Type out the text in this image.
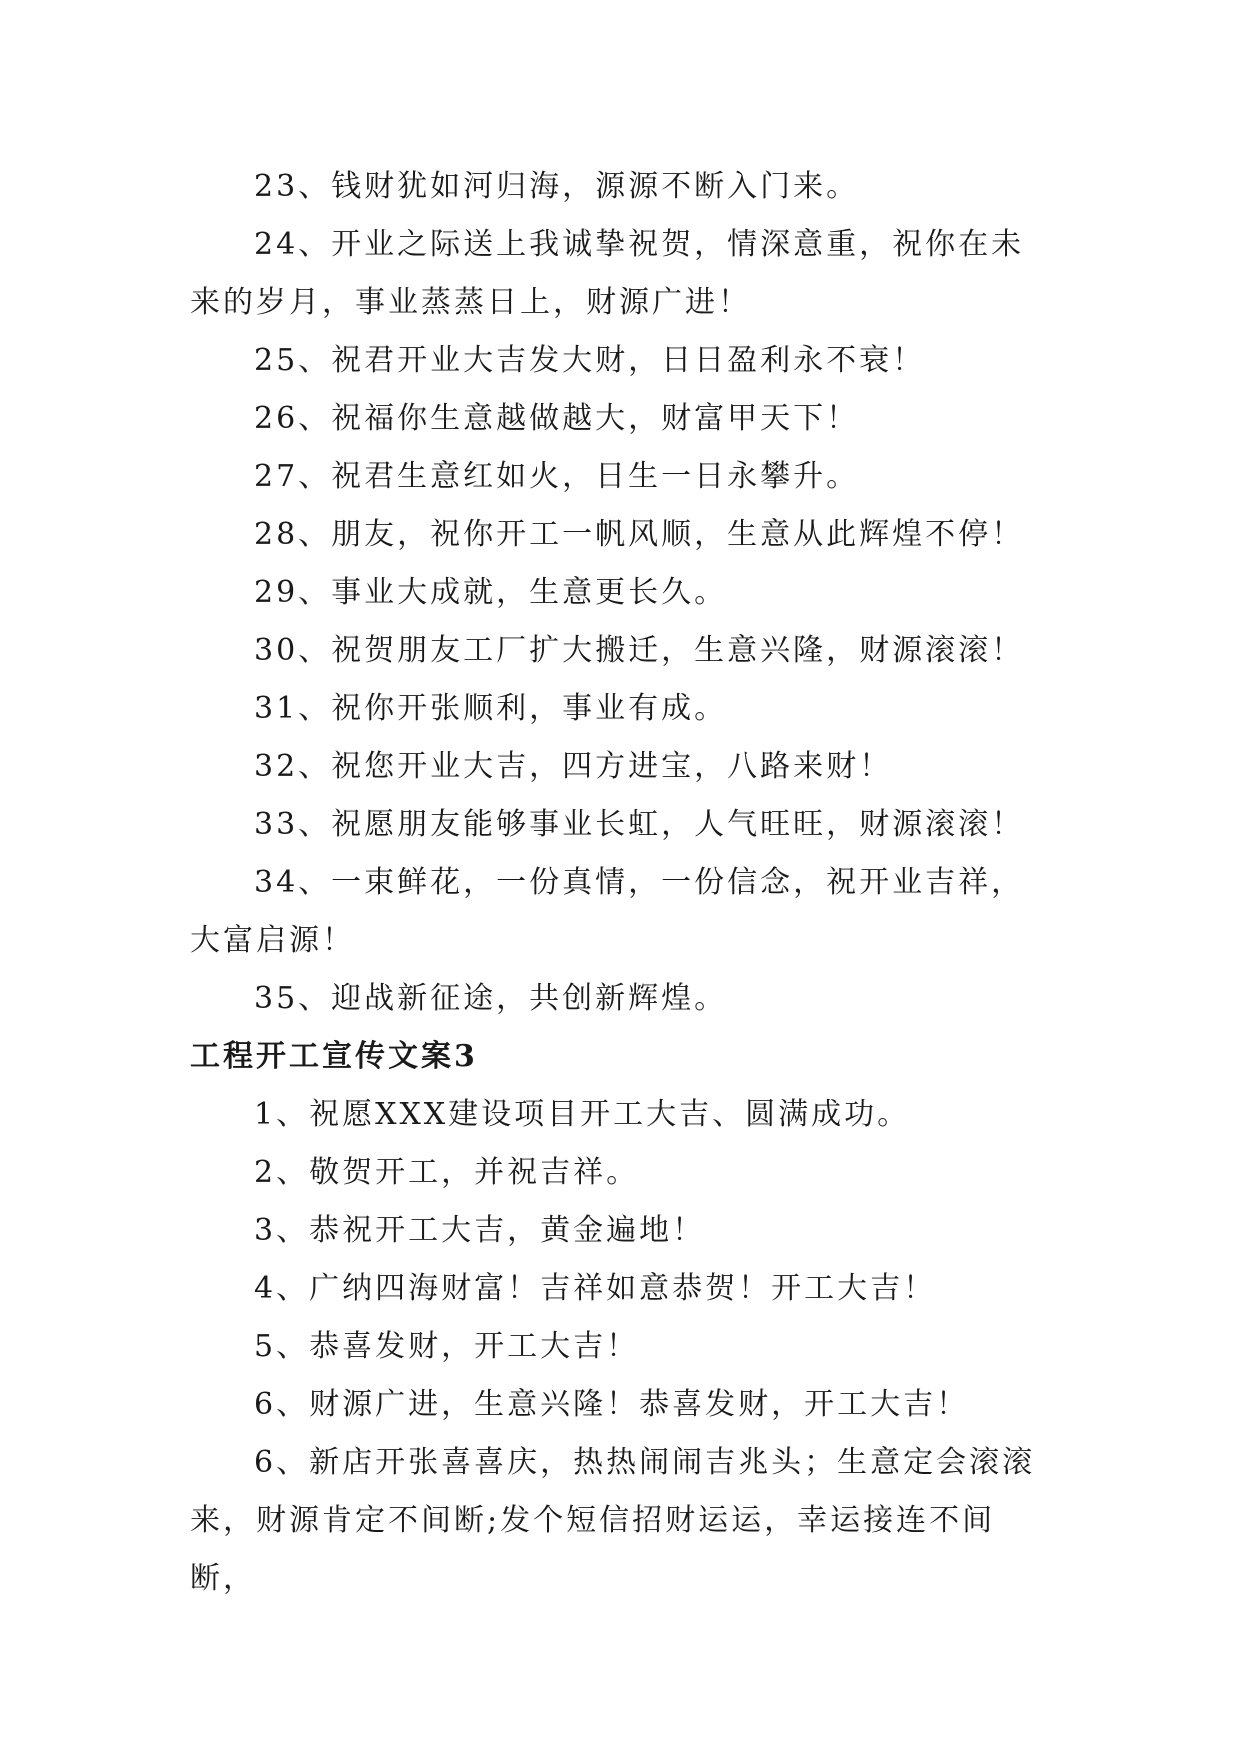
23、钱财犹如河归海，源源不断入门来。

24、开业之际送上我诚挚祝贺，情深意重，祝你在未来的岁月，事业蒸蒸日上，财源广进！

25、祝君开业大吉发大财，日日盈利永不衰！

26、祝福你生意越做越大，财富甲天下！

27、祝君生意红如火，日生一日永攀升。

28、朋友，祝你开工一帆风顺，生意从此辉煌不停！

29、事业大成就，生意更长久。

30、祝贺朋友工厂扩大搬迁，生意兴隆，财源滚滚！

31、祝你开张顺利，事业有成。

32、祝您开业大吉，四方进宝，八路来财！

33、祝愿朋友能够事业长虹，人气旺旺，财源滚滚！

34、一束鲜花，一份真情，一份信念，祝开业吉祥，大富启源！

35、迎战新征途，共创新辉煌。

工程开工宣传文案3

1、祝愿XXX建设项目开工大吉、圆满成功。

2、敬贺开工，并祝吉祥。

3、恭祝开工大吉，黄金遍地！

4、广纳四海财富！吉祥如意恭贺！开工大吉！

5、恭喜发财，开工大吉！

6、财源广进，生意兴隆！恭喜发财，开工大吉！

6、新店开张喜喜庆，热热闹闹吉兆头；生意定会滚滚来，财源肯定不间断;发个短信招财运运，幸运接连不间断，
